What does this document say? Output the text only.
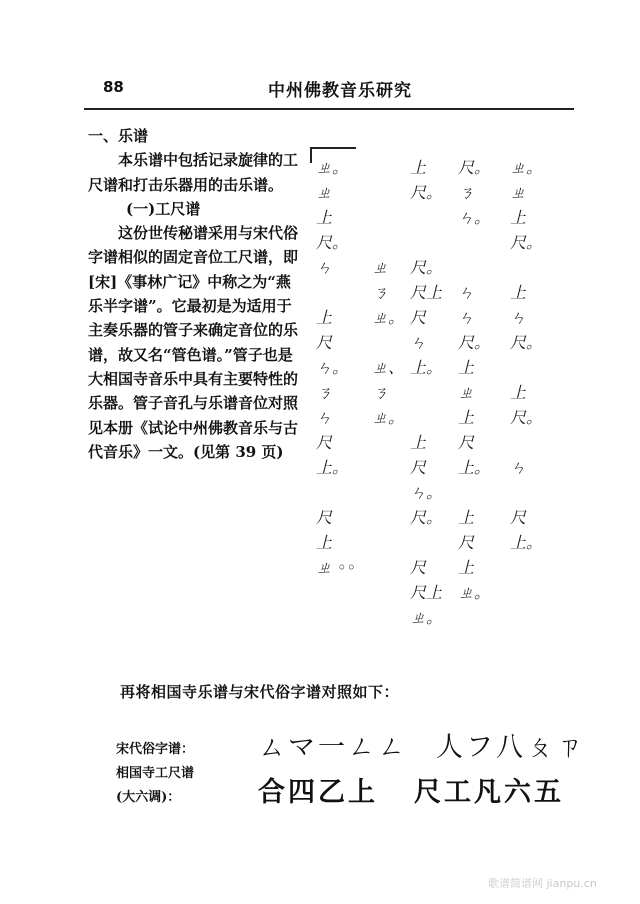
88	中州佛教音乐研究

一、乐谱

本乐谱中包括记录旋律的工尺谱和打击乐器用的击乐谱。

(一)工尺谱

这份世传秘谱采用与宋代俗字谱相似的固定音位工尺谱，即[宋]《事林广记》中称之为“燕乐半字谱”。它最初是为适用于主奏乐器的管子来确定音位的乐谱，故又名“管色谱。”管子也是大相国寺音乐中具有主要特性的乐器。管子音孔与乐谱音位对照见本册《试论中州佛教音乐与古代音乐》一文。(见第 39 页)

ㄓ。
ㄓ
上
尺。
ㄣ
上
尺
ㄣ。
ㄋ
ㄣ
尺
上。
尺
上
ㄓ ◦◦
ㄓ
ㄋ
ㄓ。
ㄓ、
ㄋ
ㄓ。
上
尺。
尺。
尺上
尺
ㄣ
上。
上
尺
ㄣ。
尺。
尺
尺上
ㄓ。
尺。
ㄋ
ㄣ。
ㄣ
ㄣ
尺。
上
ㄓ
上
尺
上。
上
尺
上
ㄓ。
ㄓ。
ㄓ
上
尺。
上
ㄣ
尺。
上
尺。
ㄣ
尺
上。
再将相国寺乐谱与宋代俗字谱对照如下：
宋代俗字谱：
相国寺工尺谱
(大六调)：
ㄙマ一ㄥㄥ 人フ八ㄆㄗ
合四乙上 尺工凡六五
歌谱简谱网 jianpu.cn
